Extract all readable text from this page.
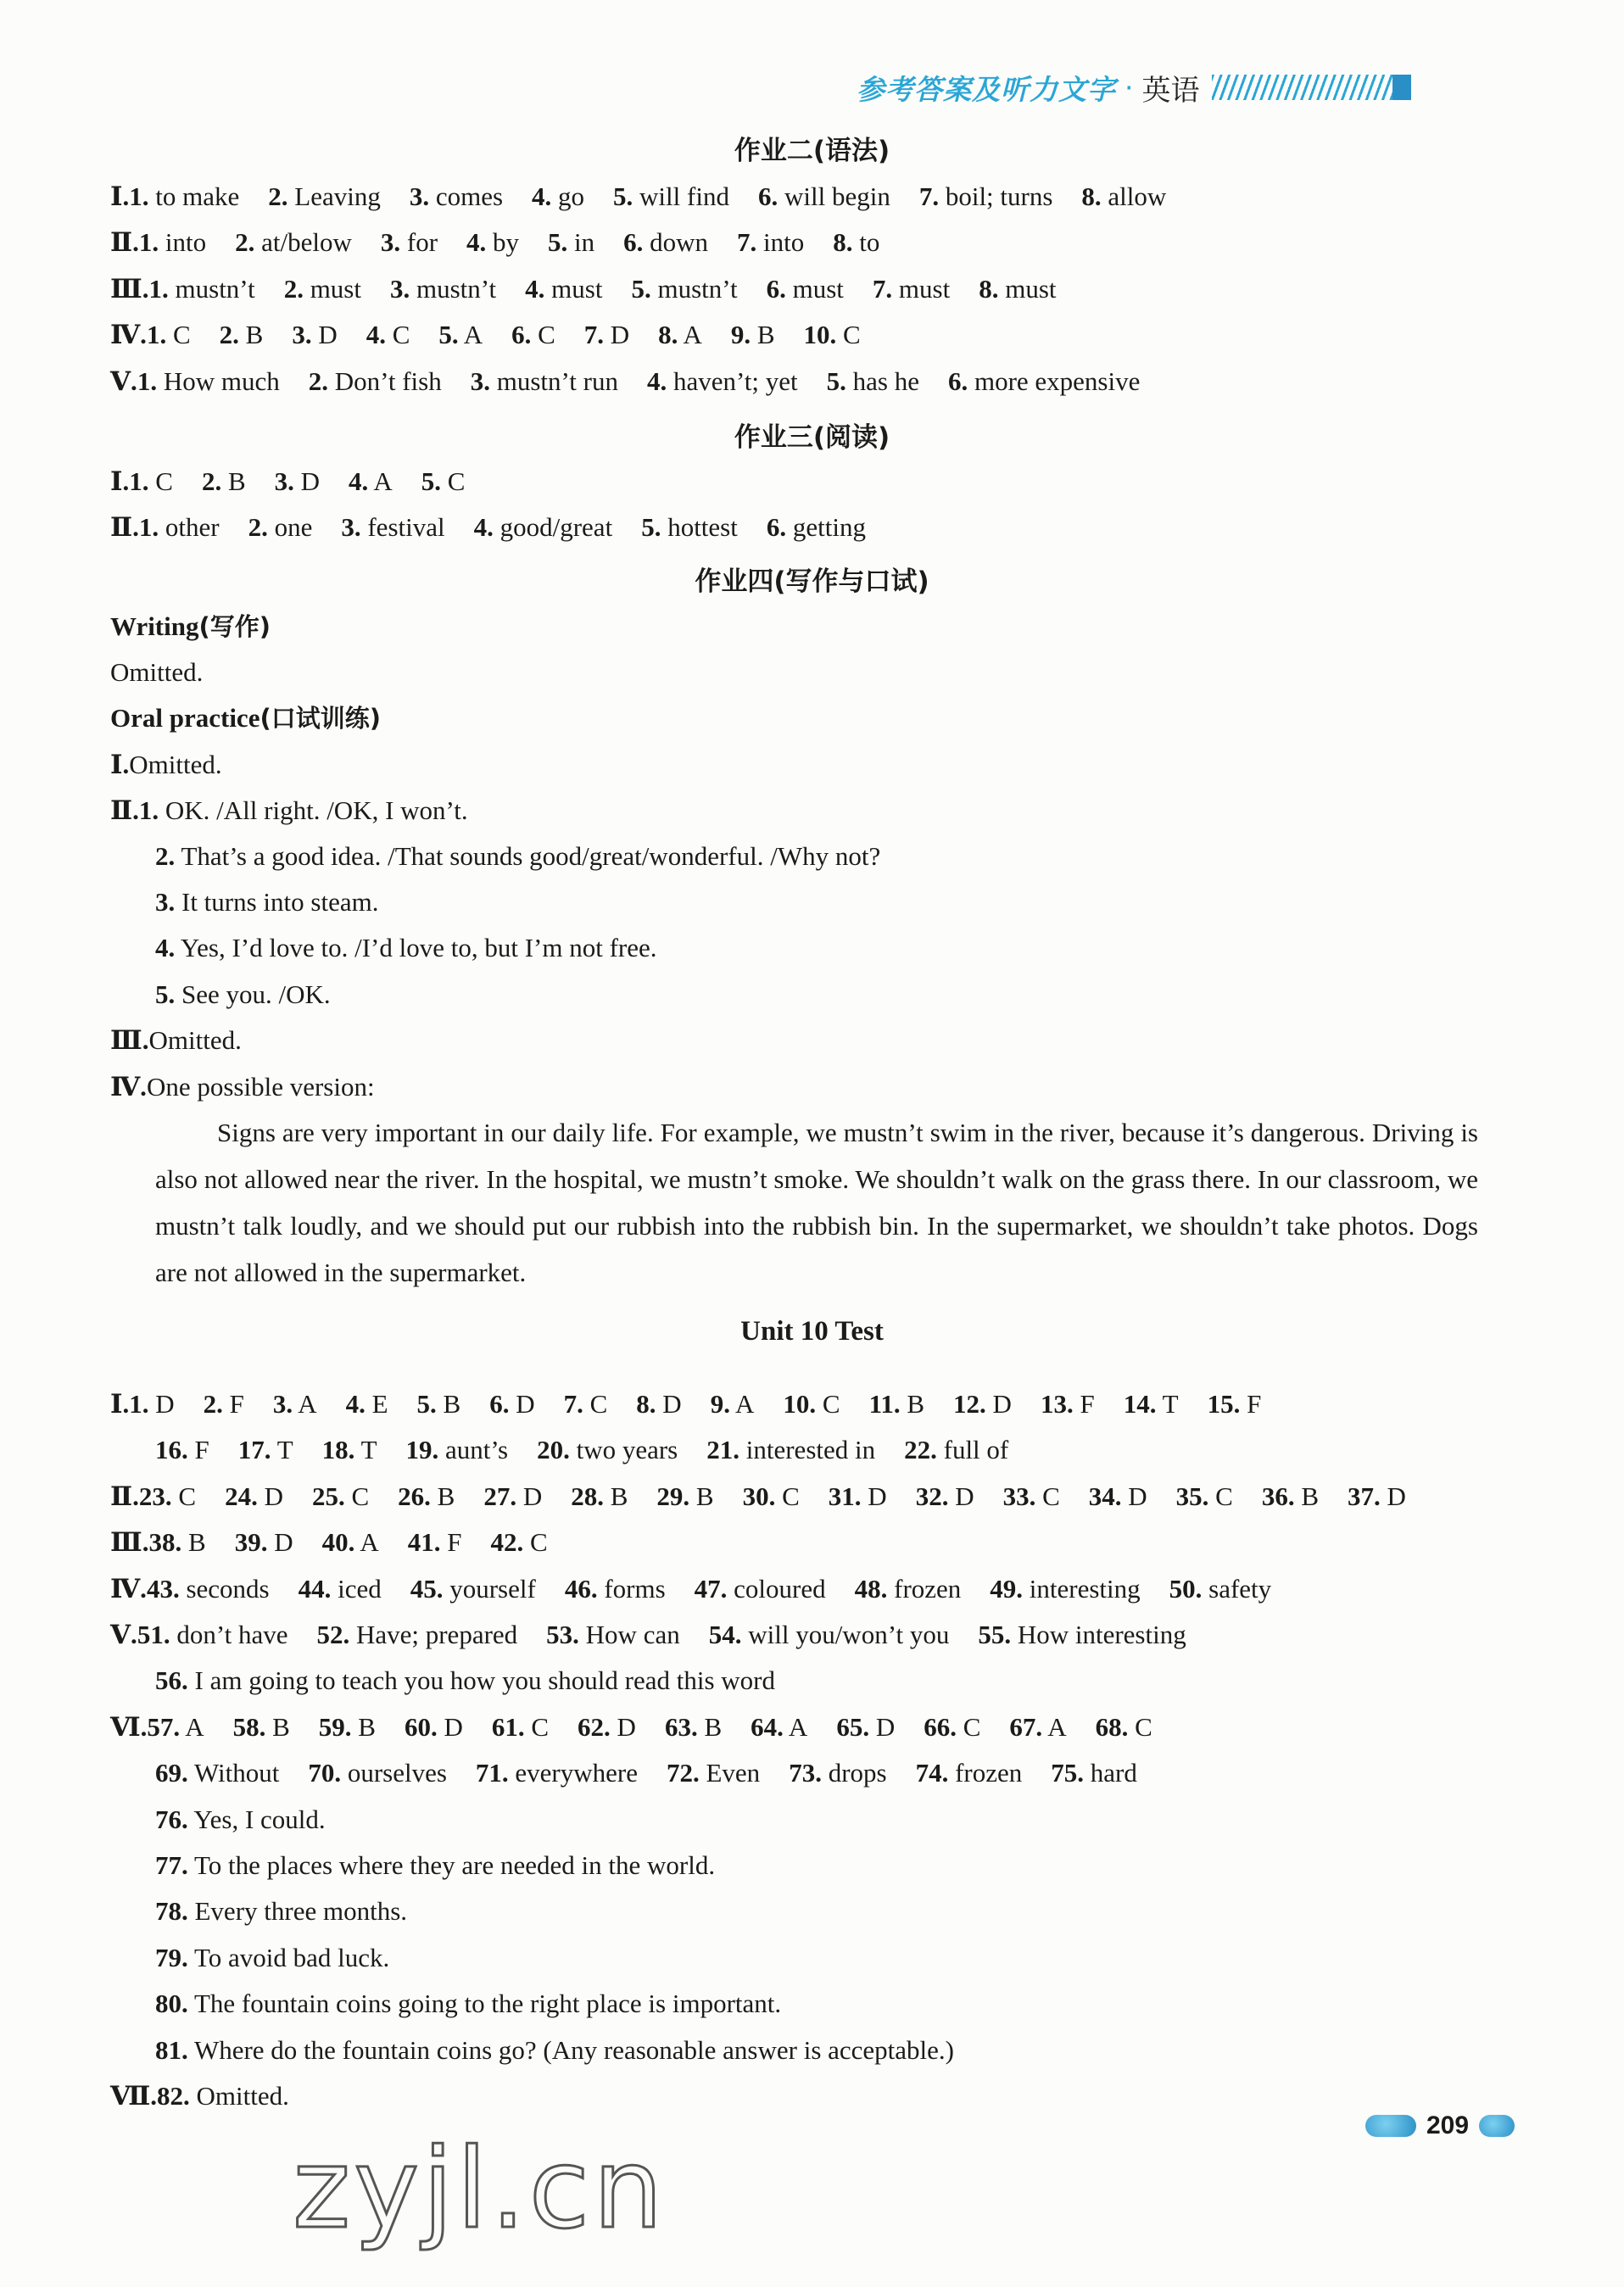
参考答案及听力文字 · 英语
作业二(语法)
Ⅰ.1. to make 2. Leaving 3. comes 4. go 5. will find 6. will begin 7. boil; turns 8. allow
Ⅱ.1. into 2. at/below 3. for 4. by 5. in 6. down 7. into 8. to
Ⅲ.1. mustn’t 2. must 3. mustn’t 4. must 5. mustn’t 6. must 7. must 8. must
Ⅳ.1. C 2. B 3. D 4. C 5. A 6. C 7. D 8. A 9. B 10. C
Ⅴ.1. How much 2. Don’t fish 3. mustn’t run 4. haven’t; yet 5. has he 6. more expensive
作业三(阅读)
Ⅰ.1. C 2. B 3. D 4. A 5. C
Ⅱ.1. other 2. one 3. festival 4. good/great 5. hottest 6. getting
作业四(写作与口试)
Writing(写作)
Omitted.
Oral practice(口试训练)
Ⅰ.Omitted.
Ⅱ.1. OK. /All right. /OK, I won’t.
2. That’s a good idea. /That sounds good/great/wonderful. /Why not?
3. It turns into steam.
4. Yes, I’d love to. /I’d love to, but I’m not free.
5. See you. /OK.
Ⅲ.Omitted.
Ⅳ.One possible version:
Signs are very important in our daily life. For example, we mustn’t swim in the river, because it’s dangerous. Driving is also not allowed near the river. In the hospital, we mustn’t smoke. We shouldn’t walk on the grass there. In our classroom, we mustn’t talk loudly, and we should put our rubbish into the rubbish bin. In the supermarket, we shouldn’t take photos. Dogs are not allowed in the supermarket.
Unit 10 Test
Ⅰ.1. D 2. F 3. A 4. E 5. B 6. D 7. C 8. D 9. A 10. C 11. B 12. D 13. F 14. T 15. F
16. F 17. T 18. T 19. aunt’s 20. two years 21. interested in 22. full of
Ⅱ.23. C 24. D 25. C 26. B 27. D 28. B 29. B 30. C 31. D 32. D 33. C 34. D 35. C 36. B 37. D
Ⅲ.38. B 39. D 40. A 41. F 42. C
Ⅳ.43. seconds 44. iced 45. yourself 46. forms 47. coloured 48. frozen 49. interesting 50. safety
Ⅴ.51. don’t have 52. Have; prepared 53. How can 54. will you/won’t you 55. How interesting
56. I am going to teach you how you should read this word
Ⅵ.57. A 58. B 59. B 60. D 61. C 62. D 63. B 64. A 65. D 66. C 67. A 68. C
69. Without 70. ourselves 71. everywhere 72. Even 73. drops 74. frozen 75. hard
76. Yes, I could.
77. To the places where they are needed in the world.
78. Every three months.
79. To avoid bad luck.
80. The fountain coins going to the right place is important.
81. Where do the fountain coins go? (Any reasonable answer is acceptable.)
Ⅶ.82. Omitted.
209
zyjl.cn
